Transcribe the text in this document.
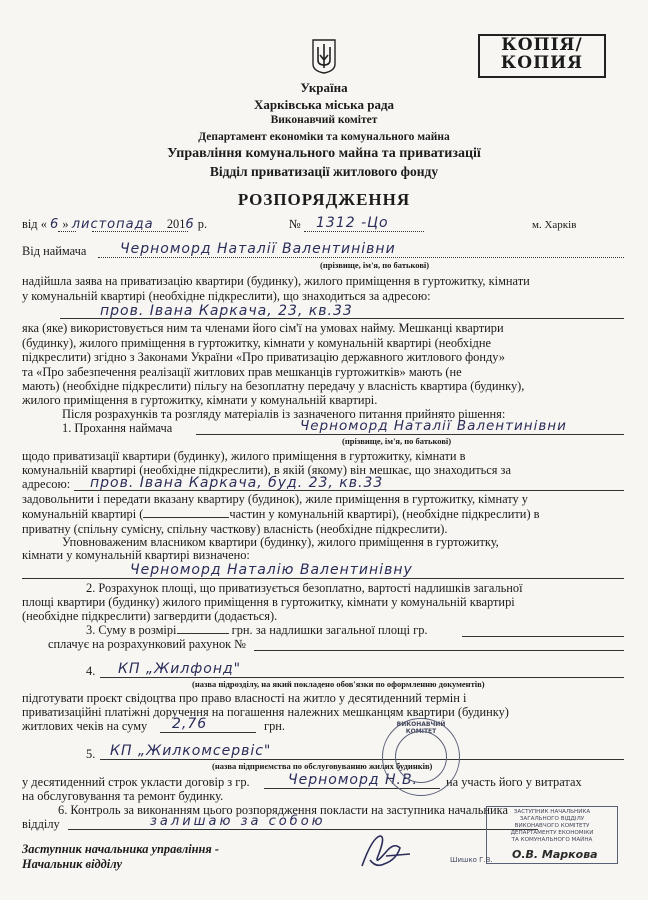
КОПІЯ/
КОПИЯ
Україна
Харківська міська рада
Виконавчий комітет
Департамент економіки та комунального майна
Управління комунального майна та приватизації
Відділ приватизації житлового фонду
РОЗПОРЯДЖЕННЯ
від « 6 » листопада 2016 р.	№ 1312 -Цо	м. Харків
Від наймача	Черноморд Наталії Валентинівни
(прізвище, ім'я, по батькові)
надійшла заява на приватизацію квартири (будинку), жилого приміщення в гуртожитку, кімнати
у комунальній квартирі (необхідне підкреслити), що знаходиться за адресою:
пров. Івана Каркача, 23, кв.33
яка (яке) використовується ним та членами його сім'ї на умовах найму. Мешканці квартири
(будинку), жилого приміщення в гуртожитку, кімнати у комунальній квартирі (необхідне
підкреслити) згідно з Законами України «Про приватизацію державного житлового фонду»
та «Про забезпечення реалізації житлових прав мешканців гуртожитків» мають (не
мають) (необхідне підкреслити) пільгу на безоплатну передачу у власність квартира (будинку),
жилого приміщення в гуртожитку, кімнати у комунальній квартирі.
Після розрахунків та розгляду матеріалів із зазначеного питання прийнято рішення:
1. Прохання наймача	Черноморд Наталії Валентинівни
(прізвище, ім'я, по батькові)
щодо приватизації квартири (будинку), жилого приміщення в гуртожитку, кімнати в
комунальній квартирі (необхідне підкреслити), в якій (якому) він мешкає, що знаходиться за
адресою:	пров. Івана Каркача, буд. 23, кв.33
задовольнити і передати вказану квартиру (будинок), жиле приміщення в гуртожитку, кімнату у
комунальній квартирі (	частин у комунальній квартирі), (необхідне підкреслити) в
приватну (спільну сумісну, спільну часткову) власність (необхідне підкреслити).
Уповноваженим власником квартири (будинку), жилого приміщення в гуртожитку,
кімнати у комунальній квартирі визначено:
Черноморд Наталію Валентинівну
2. Розрахунок площі, що приватизується безоплатно, вартості надлишків загальної
площі квартири (будинку) жилого приміщення в гуртожитку, кімнати у комунальній квартирі
(необхідне підкреслити) загвердити (додається).
3. Суму в розмірі	грн. за надлишки загальної площі гр.
сплачує на розрахунковий рахунок №
4.	КП „Жилфонд"
(назва підрозділу, на який покладено обов'язки по оформленню документів)
підготувати проєкт свідоцтва про право власності на житло у десятиденний термін і
приватизаційні платіжні доручення на погашення належних мешканцям квартири (будинку)
житлових чеків на суму	2,76	грн.
5.	КП „Жилкомсервіс"
(назва підприємства по обслуговуванню жилих будинків)
у десятиденний строк укласти договір з гр.	Черноморд Н.В. на участь його у витратах
на обслуговування та ремонт будинку.
6. Контроль за виконанням цього розпорядження покласти на заступника начальника
відділу	залишаю за собою
Заступник начальника управління -
Начальник відділу
ВИКОНАВЧИЙ КОМІТЕТ
ЗАСТУПНИК НАЧАЛЬНИКА
ЗАГАЛЬНОГО ВІДДІЛУ
ВИКОНАВЧОГО КОМІТЕТУ
ДЕПАРТАМЕНТУ ЕКОНОМІКИ
ТА КОМУНАЛЬНОГО МАЙНА
Шишко Г.В. О.В. Маркова
